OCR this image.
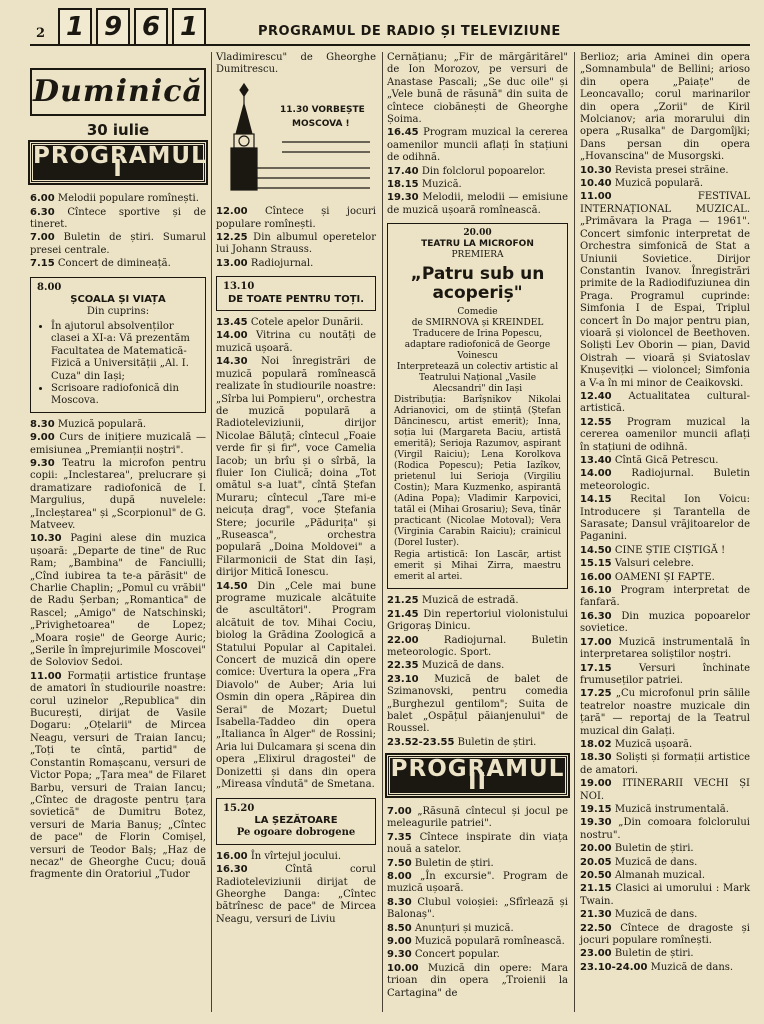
2 1 9 6 1	PROGRAMUL DE RADIO ȘI TELEVIZIUNE
Duminică
30 iulie
PROGRAMUL I

6.00 Melodii populare romînești.

6.30 Cîntece sportive și de tineret.

7.00 Buletin de știri. Sumarul presei centrale.

7.15 Concert de dimineață.

8.00
ȘCOALA ȘI VIAȚA
Din cuprins:
• În ajutorul absolvenților clasei a XI-a: Vă prezentăm Facultatea de Matematică-Fizică a Universității „Al. I. Cuza" din Iași;
• Scrisoare radiofonică din Moscova.

8.30 Muzică populară.

9.00 Curs de inițiere muzicală — emisiunea „Premianții noștri".

9.30 Teatru la microfon pentru copii: „Inclestarea", prelucrare și dramatizare radiofonică de I. Margulius, după nuvelele: „Incleștarea" și „Scorpionul" de G. Matveev.

10.30 Pagini alese din muzica ușoară: „Departe de tine" de Ruc Ram; „Bambina" de Fanciulli; „Cînd iubirea ta te-a părăsit" de Charlie Chaplin; „Pomul cu vrăbii" de Radu Șerban; „Romantica" de Rascel; „Amigo" de Natschinski; „Privighetoarea" de Lopez; „Moara roșie" de George Auric; „Serile în împrejurimile Moscovei" de Soloviov Sedoi.

11.00 Formații artistice fruntașe de amatori în studiourile noastre: corul uzinelor „Republica" din București, dirijat de Vasile Dogaru: „Oțelarii" de Mircea Neagu, versuri de Traian Iancu; „Toți te cîntă, partid" de Constantin Romașcanu, versuri de Victor Popa; „Țara mea" de Filaret Barbu, versuri de Traian Iancu; „Cîntec de dragoste pentru țara sovietică" de Dumitru Botez, versuri de Maria Banuș; „Cîntec de pace" de Florin Comișel, versuri de Teodor Balș; „Haz de necaz" de Gheorghe Cucu; două fragmente din Oratoriul „Tudor

Vladimirescu" de Gheorghe Dumitrescu.

11.30 VORBEȘTE MOSCOVA !

12.00 Cîntece și jocuri populare romînești.

12.25 Din albumul operetelor lui Johann Strauss.

13.00 Radiojurnal.

13.10
DE TOATE PENTRU TOȚI.

13.45 Cotele apelor Dunării.

14.00 Vitrina cu noutăți de muzică ușoară.

14.30 Noi înregistrări de muzică populară romînească realizate în studiourile noastre: „Sîrba lui Pompieru", orchestra de muzică populară a Radioteleviziunii, dirijor Nicolae Băluță; cîntecul „Foaie verde fir și fir", voce Camelia Iacob; un brîu și o sîrbă, la fluier Ion Ciulică; doina „Tot omătul s-a luat", cîntă Ștefan Muraru; cîntecul „Tare mi-e neicuța drag", voce Ștefania Stere; jocurile „Pădurița" și „Ruseasca", orchestra populară „Doina Moldovei" a Filarmonicii de Stat din Iași, dirijor Mitică Ionescu.

14.50 Din „Cele mai bune programe muzicale alcătuite de ascultători". Program alcătuit de tov. Mihai Cociu, biolog la Grădina Zoologică a Statului Popular al Capitalei. Concert de muzică din opere comice: Uvertura la opera „Fra Diavolo" de Auber; Aria lui Osmin din opera „Răpirea din Serai" de Mozart; Duetul Isabella-Taddeo din opera „Italianca în Alger" de Rossini; Aria lui Dulcamara și scena din opera „Elixirul dragostei" de Donizetti și dans din opera „Mireasa vîndută" de Smetana.

15.20
LA ȘEZĂTOARE
Pe ogoare dobrogene

16.00 În vîrtejul jocului.

16.30	Cîntă corul Radioteleviziunii dirijat de Gheorghe Danga: „Cîntec bătrînesc de pace" de Mircea Neagu, versuri de Liviu

Cernățianu; „Fir de mărgăritărel" de Ion Morozov, pe versuri de Anastase Pascali; „Se duc oile" și „Vele bună de răsună" din suita de cîntece ciobănești de Gheorghe Șoima.

16.45 Program muzical la cererea oamenilor muncii aflați în stațiuni de odihnă.

17.40 Din folclorul popoarelor.

18.15 Muzică.

19.30 Melodii, melodii — emisiune de muzică ușoară romînească.

20.00
TEATRU LA MICROFON
PREMIERA
„Patru sub un acoperiș"
Comedie
de SMIRNOVA și KREINDEL
Traducere de Irina Popescu, adaptare radiofonică de George Voinescu
Interpretează un colectiv artistic al Teatrului Național „Vasile Alecsandri" din Iași

Distribuția: Barîșnikov Nikolai Adrianovici, om de știință (Ștefan Dăncinescu, artist emerit); Inna, soția lui (Margareta Baciu, artistă emerită); Serioja Razumov, aspirant (Virgil Raiciu); Lena Korolkova (Rodica Popescu); Petia Iazîkov, prietenul lui Serioja (Virgiliu Costin); Mara Kuzmenko, aspirantă (Adina Popa); Vladimir Karpovici, tatăl ei (Mihai Grosariu); Seva, tînăr practicant (Nicolae Motoval); Vera (Virginia Carabin Raiciu); crainicul (Dorel Iuster).

Regia artistică: Ion Lascăr, artist emerit și Mihai Zirra, maestru emerit al artei.

21.25 Muzică de estradă.

21.45 Din repertoriul violonistului Grigoraș Dinicu.

22.00	Radiojurnal. Buletin meteorologic. Sport.

22.35 Muzică de dans.

23.10 Muzică de balet de Szimanovski, pentru comedia „Burghezul gentilom"; Suita de balet „Ospățul păianjenului" de Roussel.

23.52-23.55 Buletin de știri.

PROGRAMUL II

7.00 „Răsună cîntecul și jocul pe meleagurile patriei".

7.35 Cîntece inspirate din viața nouă a satelor.

7.50 Buletin de știri.

8.00 „În excursie". Program de muzică ușoară.

8.30 Clubul voioșiei: „Sfîrlează și Balonaș".

8.50 Anunțuri și muzică.

9.00 Muzică populară romînească.

9.30 Concert popular.

10.00 Muzică din opere: Mara trioan din opera „Troienii la Cartagina" de

Berlioz; aria Aminei din opera „Somnambula" de Bellini; arioso din opera „Paiațe" de Leoncavallo; corul marinarilor din opera „Zorii" de Kiril Molcianov; aria morarului din opera „Rusalka" de Dargomîjki; Dans persan din opera „Hovanscina" de Musorgski.

10.30 Revista presei străine.

10.40 Muzică populară.

11.00	FESTIVAL INTERNAȚIONAL MUZICAL. „Primăvara la Praga — 1961". Concert simfonic interpretat de Orchestra simfonică de Stat a Uniunii Sovietice. Dirijor Constantin Ivanov. Înregistrări primite de la Radiodifuziunea din Praga. Programul cuprinde: Simfonia I de Espai, Triplul concert în Do major pentru pian, vioară și violoncel de Beethoven. Soliști Lev Oborin — pian, David Oistrah — vioară și Sviatoslav Knușevițki — violoncel; Simfonia a V-a în mi minor de Ceaikovski.

12.40 Actualitatea cultural-artistică.

12.55 Program muzical la cererea oamenilor muncii aflați în stațiuni de odihnă.

13.40 Cîntă Gică Petrescu.

14.00 Radiojurnal. Buletin meteorologic.

14.15 Recital Ion Voicu: Introducere și Tarantella de Sarasate; Dansul vrăjitoarelor de Paganini.

14.50 CINE ȘTIE CIȘTIGĂ !

15.15 Valsuri celebre.

16.00 OAMENI ȘI FAPTE.

16.10 Program interpretat de fanfară.

16.30 Din muzica popoarelor sovietice.

17.00 Muzică instrumentală în interpretarea soliștilor noștri.

17.15	Versuri închinate frumuseților patriei.

17.25 „Cu microfonul prin sălile teatrelor noastre muzicale din țară" — reportaj de la Teatrul muzical din Galați.

18.02 Muzică ușoară.

18.30 Soliști și formații artistice de amatori.

19.00 ITINERARII VECHI ȘI NOI.

19.15 Muzică instrumentală.

19.30 „Din comoara folclorului nostru".

20.00 Buletin de știri.

20.05 Muzică de dans.

20.50 Almanah muzical.

21.15 Clasici ai umorului : Mark Twain.

21.30 Muzică de dans.

22.50 Cîntece de dragoste și jocuri populare romînești.

23.00 Buletin de știri.

23.10-24.00 Muzică de dans.
